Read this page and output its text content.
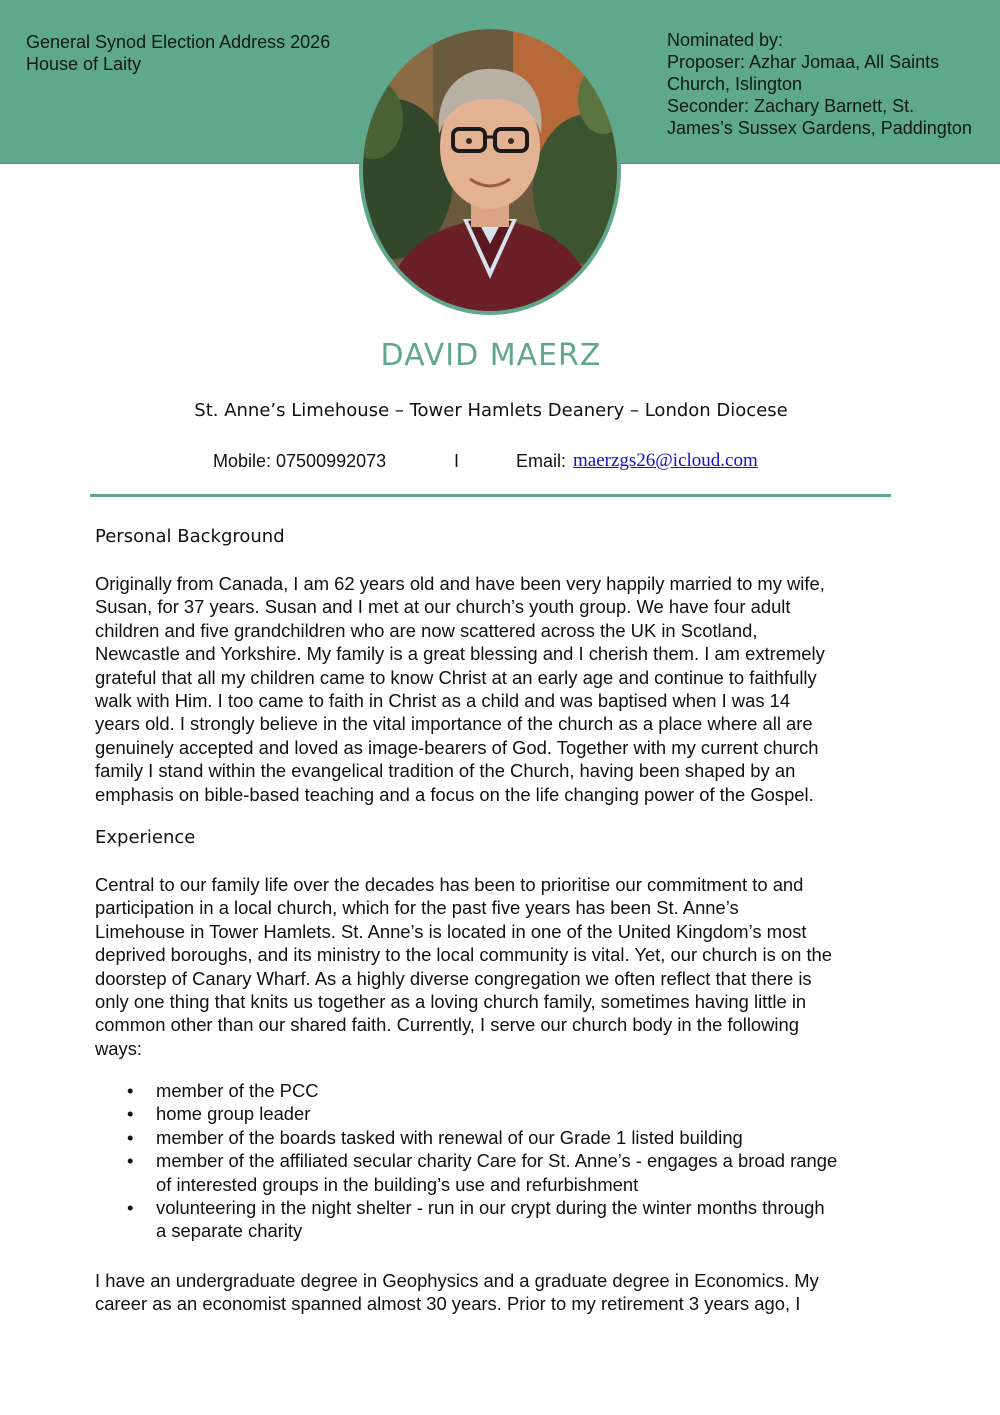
General Synod Election Address 2026
House of Laity
Nominated by:
Proposer: Azhar Jomaa, All Saints
Church, Islington
Seconder: Zachary Barnett, St.
James’s Sussex Gardens, Paddington
DAVID MAERZ
St. Anne’s Limehouse – Tower Hamlets Deanery – London Diocese
Mobile: 07500992073	I	Email: maerzgs26@icloud.com
Personal Background
Originally from Canada, I am 62 years old and have been very happily married to my wife,
Susan, for 37 years. Susan and I met at our church’s youth group. We have four adult
children and five grandchildren who are now scattered across the UK in Scotland,
Newcastle and Yorkshire. My family is a great blessing and I cherish them. I am extremely
grateful that all my children came to know Christ at an early age and continue to faithfully
walk with Him. I too came to faith in Christ as a child and was baptised when I was 14
years old. I strongly believe in the vital importance of the church as a place where all are
genuinely accepted and loved as image-bearers of God. Together with my current church
family I stand within the evangelical tradition of the Church, having been shaped by an
emphasis on bible-based teaching and a focus on the life changing power of the Gospel.
Experience
Central to our family life over the decades has been to prioritise our commitment to and
participation in a local church, which for the past five years has been St. Anne’s
Limehouse in Tower Hamlets. St. Anne’s is located in one of the United Kingdom’s most
deprived boroughs, and its ministry to the local community is vital. Yet, our church is on the
doorstep of Canary Wharf. As a highly diverse congregation we often reflect that there is
only one thing that knits us together as a loving church family, sometimes having little in
common other than our shared faith. Currently, I serve our church body in the following
ways:
• member of the PCC
• home group leader
• member of the boards tasked with renewal of our Grade 1 listed building
• member of the affiliated secular charity Care for St. Anne’s - engages a broad range
of interested groups in the building’s use and refurbishment
• volunteering in the night shelter - run in our crypt during the winter months through
a separate charity
I have an undergraduate degree in Geophysics and a graduate degree in Economics. My
career as an economist spanned almost 30 years. Prior to my retirement 3 years ago, I
